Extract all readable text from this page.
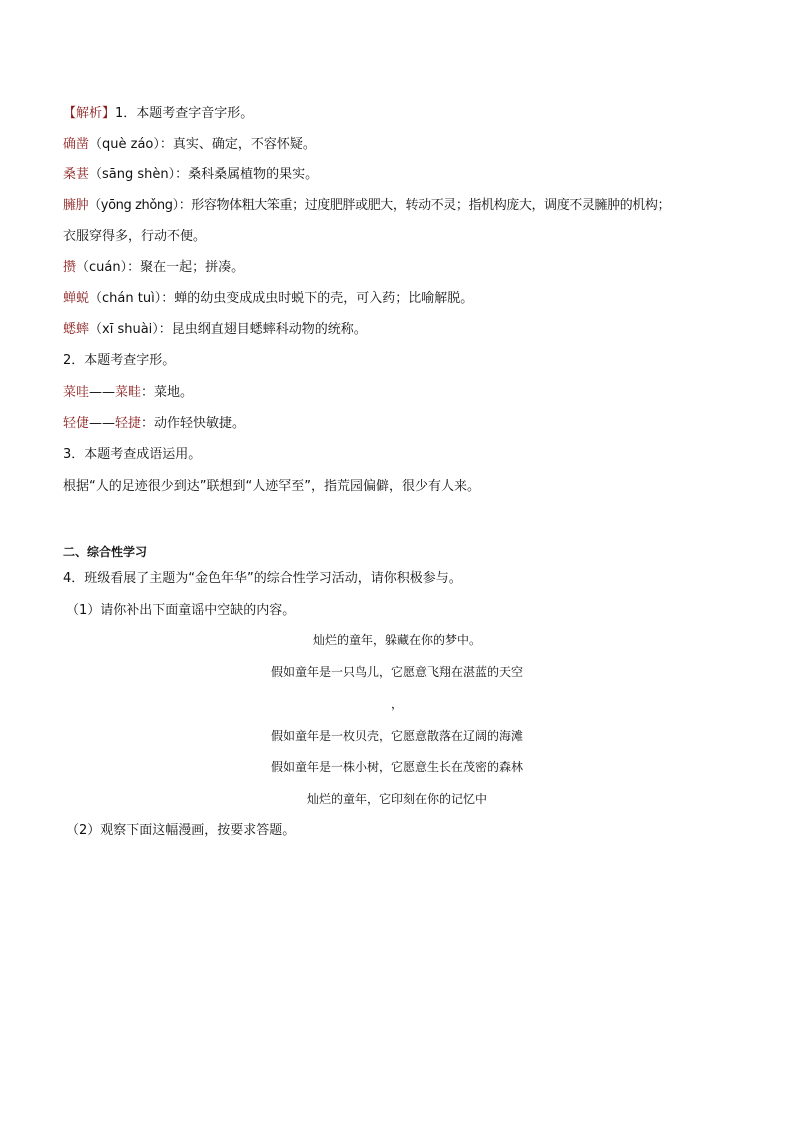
【解析】1．本题考查字音字形。
确凿（què záo）：真实、确定，不容怀疑。
桑葚（sāng shèn）：桑科桑属植物的果实。
臃肿（yōng zhǒng）：形容物体粗大笨重；过度肥胖或肥大，转动不灵；指机构庞大，调度不灵臃肿的机构；
衣服穿得多，行动不便。
攒（cuán）：聚在一起；拼凑。
蝉蜕（chán tuì）：蝉的幼虫变成成虫时蜕下的壳，可入药；比喻解脱。
蟋蟀（xī shuài）：昆虫纲直翅目蟋蟀科动物的统称。
2．本题考查字形。
菜哇——菜畦：菜地。
轻倢——轻捷：动作轻快敏捷。
3．本题考查成语运用。
根据“人的足迹很少到达”联想到“人迹罕至”，指荒园偏僻，很少有人来。
二、综合性学习
4．班级看展了主题为“金色年华”的综合性学习活动，请你积极参与。
（1）请你补出下面童谣中空缺的内容。
灿烂的童年，躲藏在你的梦中。
假如童年是一只鸟儿，它愿意飞翔在湛蓝的天空
，
假如童年是一枚贝壳，它愿意散落在辽阔的海滩
假如童年是一株小树，它愿意生长在茂密的森林
灿烂的童年，它印刻在你的记忆中
（2）观察下面这幅漫画，按要求答题。
